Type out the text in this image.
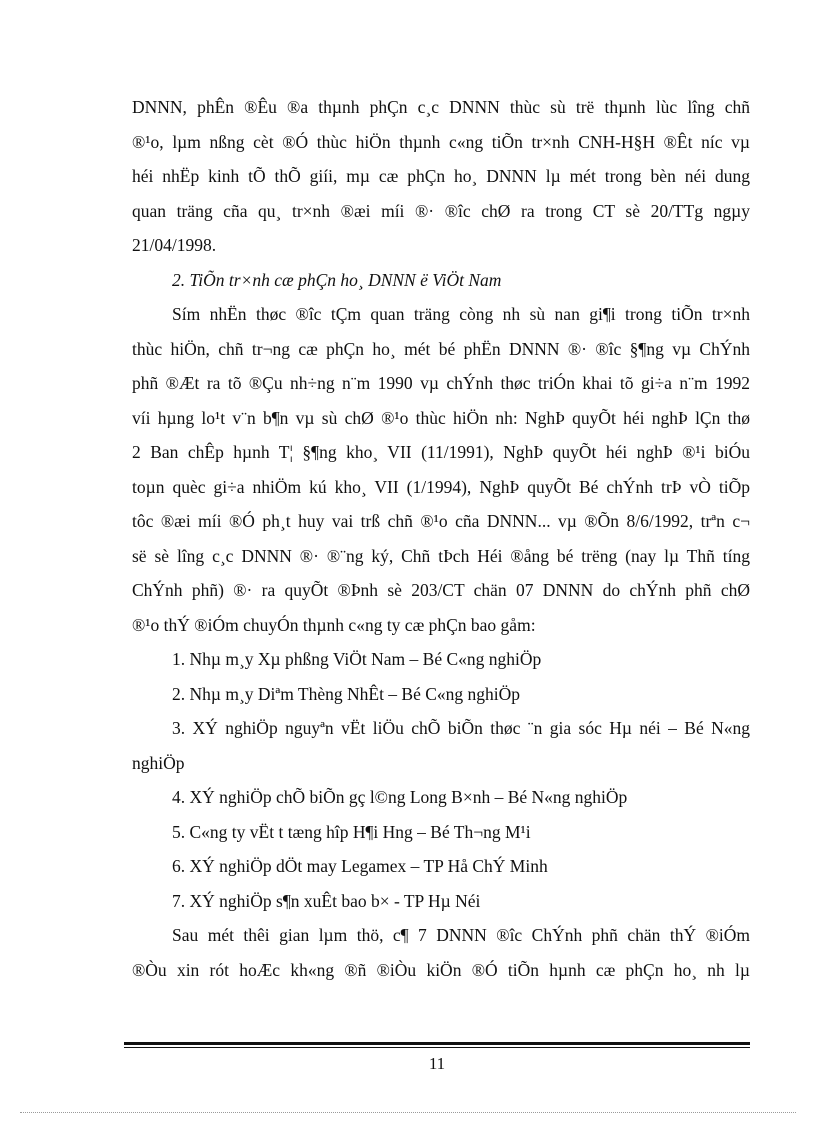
DNNN, phÊn ®Êu ®a thµnh phÇn c¸c DNNN thùc sù trë thµnh lùc lîng chñ

®¹o, lµm nßng cèt ®Ó thùc hiÖn thµnh c«ng tiÕn tr×nh CNH-H§H ®Êt níc vµ

héi nhËp kinh tÕ thÕ giíi, mµ cæ phÇn ho¸ DNNN lµ mét trong bèn néi dung

quan träng cña qu¸ tr×nh ®æi míi ®· ®îc chØ ra trong CT sè 20/TTg ngµy

21/04/1998.

2. TiÕn tr×nh cæ phÇn ho¸ DNNN ë ViÖt Nam

Sím nhËn thøc ®îc tÇm quan träng còng nh sù nan gi¶i trong tiÕn tr×nh

thùc hiÖn, chñ tr¬ng cæ phÇn ho¸ mét bé phËn DNNN ®· ®îc §¶ng vµ ChÝnh

phñ ®Æt ra tõ ®Çu nh÷ng n¨m 1990 vµ chÝnh thøc triÓn khai tõ gi÷a n¨m 1992

víi hµng lo¹t v¨n b¶n vµ sù chØ ®¹o thùc hiÖn nh: NghÞ quyÕt héi nghÞ lÇn thø

2 Ban chÊp hµnh T¦ §¶ng kho¸ VII (11/1991), NghÞ quyÕt héi nghÞ ®¹i biÓu

toµn quèc gi÷a nhiÖm kú kho¸ VII (1/1994), NghÞ quyÕt Bé chÝnh trÞ vÒ tiÕp

tôc ®æi míi ®Ó ph¸t huy vai trß chñ ®¹o cña DNNN... vµ ®Õn 8/6/1992, trªn c¬

së sè lîng c¸c DNNN ®· ®¨ng ký, Chñ tÞch Héi ®ång bé trëng (nay lµ Thñ tíng

ChÝnh phñ) ®· ra quyÕt ®Þnh sè 203/CT chän 07 DNNN do chÝnh phñ chØ

®¹o thÝ ®iÓm chuyÓn thµnh c«ng ty cæ phÇn bao gåm:

1. Nhµ m¸y Xµ phßng ViÖt Nam – Bé C«ng nghiÖp

2. Nhµ m¸y Diªm Thèng NhÊt – Bé C«ng nghiÖp

3. XÝ nghiÖp nguyªn vËt liÖu chÕ biÕn thøc ¨n gia sóc Hµ néi – Bé N«ng

nghiÖp

4. XÝ nghiÖp chÕ biÕn gç l©ng Long B×nh – Bé N«ng nghiÖp

5. C«ng ty vËt t tæng hîp H¶i Hng – Bé Th¬ng M¹i

6. XÝ nghiÖp dÖt may Legamex – TP Hå ChÝ Minh

7. XÝ nghiÖp s¶n xuÊt bao b× - TP Hµ Néi

Sau mét thêi gian lµm thö, c¶ 7 DNNN ®îc ChÝnh phñ chän thÝ ®iÓm

®Òu xin rót hoÆc kh«ng ®ñ ®iÒu kiÖn ®Ó tiÕn hµnh cæ phÇn ho¸ nh lµ

11
